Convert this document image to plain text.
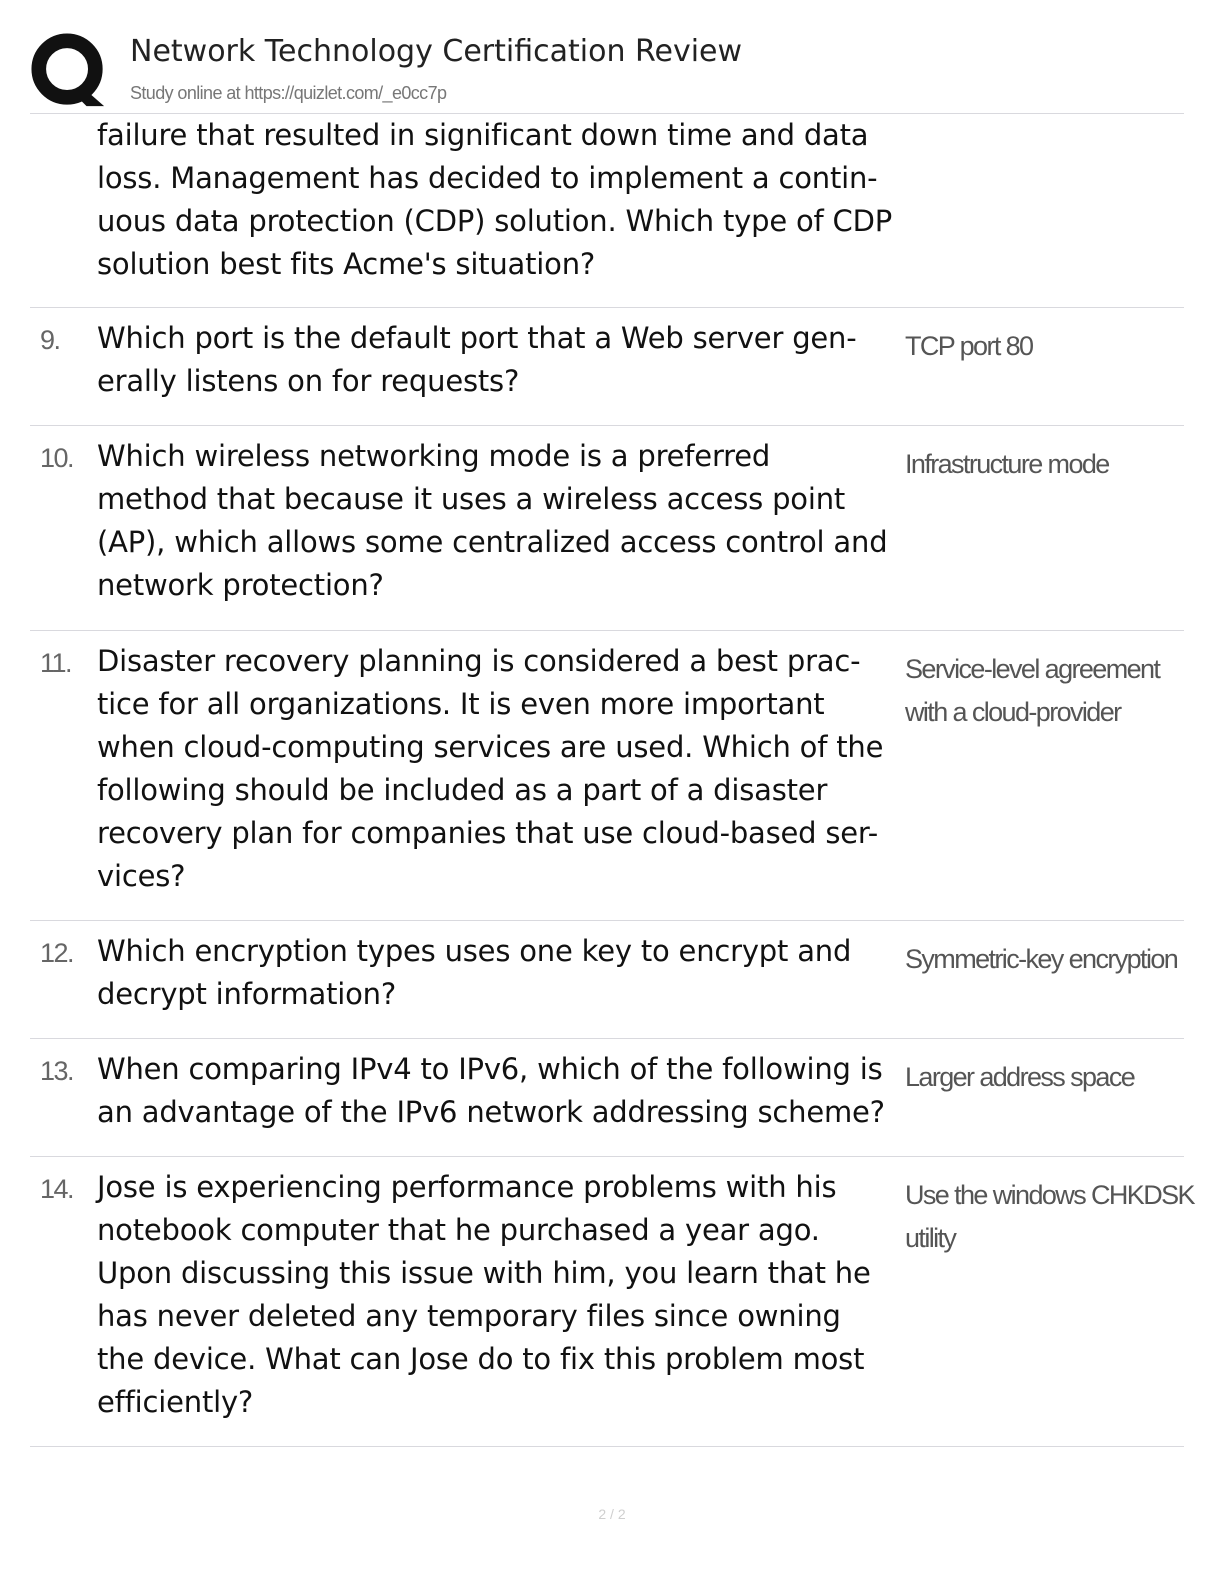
Network Technology Certification Review
Study online at https://quizlet.com/_e0cc7p
failure that resulted in significant down time and data
loss. Management has decided to implement a contin-
uous data protection (CDP) solution. Which type of CDP
solution best fits Acme's situation?
9. Which port is the default port that a Web server gen-
erally listens on for requests?
TCP port 80
10. Which wireless networking mode is a preferred
method that because it uses a wireless access point
(AP), which allows some centralized access control and
network protection?
Infrastructure mode
11. Disaster recovery planning is considered a best prac-
tice for all organizations. It is even more important
when cloud-computing services are used. Which of the
following should be included as a part of a disaster
recovery plan for companies that use cloud-based ser-
vices?
Service-level agreement
with a cloud-provider
12. Which encryption types uses one key to encrypt and
decrypt information?
Symmetric-key encryption
13. When comparing IPv4 to IPv6, which of the following is
an advantage of the IPv6 network addressing scheme?
Larger address space
14. Jose is experiencing performance problems with his
notebook computer that he purchased a year ago.
Upon discussing this issue with him, you learn that he
has never deleted any temporary files since owning
the device. What can Jose do to fix this problem most
efficiently?
Use the windows CHKDSK
utility
2 / 2
